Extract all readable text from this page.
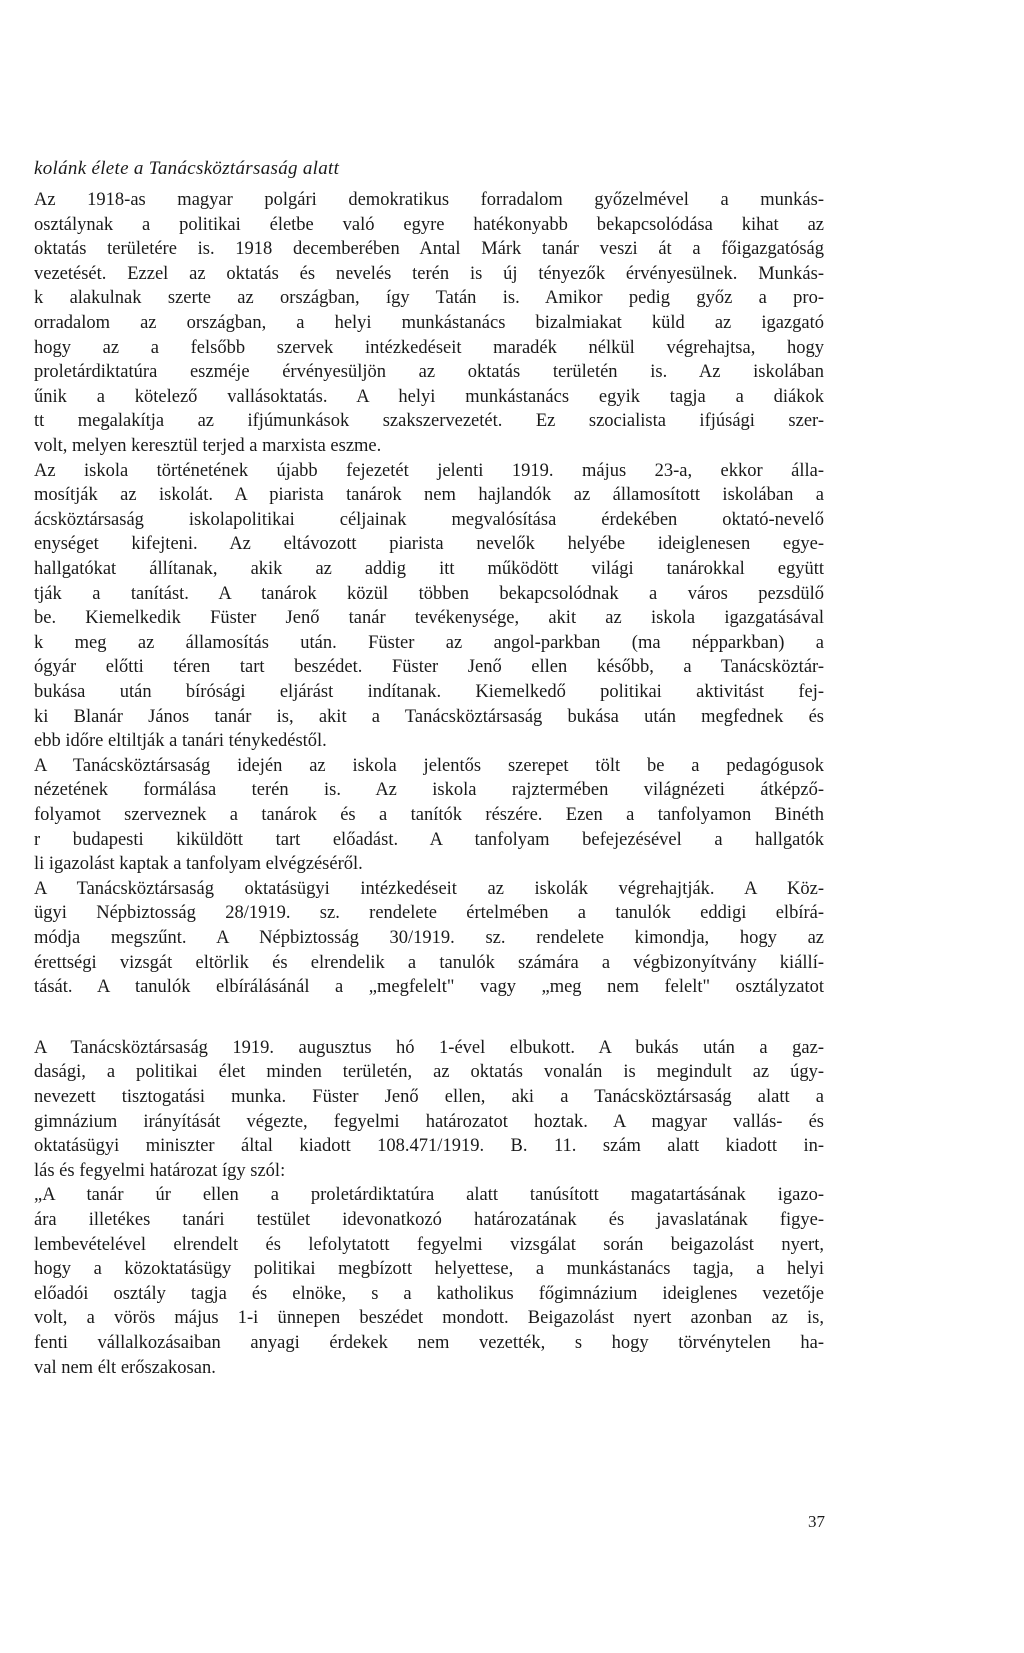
kolánk élete a Tanácsköztársaság alatt
Az 1918-as magyar polgári demokratikus forradalom győzelmével a munkás-
osztálynak a politikai életbe való egyre hatékonyabb bekapcsolódása kihat az
oktatás területére is. 1918 decemberében Antal Márk tanár veszi át a főigazgatóság
vezetését. Ezzel az oktatás és nevelés terén is új tényezők érvényesülnek. Munkás-
k alakulnak szerte az országban, így Tatán is. Amikor pedig győz a pro-
orradalom az országban, a helyi munkástanács bizalmiakat küld az igazgató
hogy az a felsőbb szervek intézkedéseit maradék nélkül végrehajtsa, hogy
proletárdiktatúra eszméje érvényesüljön az oktatás területén is. Az iskolában
űnik a kötelező vallásoktatás. A helyi munkástanács egyik tagja a diákok
tt megalakítja az ifjúmunkások szakszervezetét. Ez szocialista ifjúsági szer-
volt, melyen keresztül terjed a marxista eszme.
Az iskola történetének újabb fejezetét jelenti 1919. május 23-a, ekkor álla-
mosítják az iskolát. A piarista tanárok nem hajlandók az államosított iskolában a
ácsköztársaság iskolapolitikai céljainak megvalósítása érdekében oktató-nevelő
enységet kifejteni. Az eltávozott piarista nevelők helyébe ideiglenesen egye-
hallgatókat állítanak, akik az addig itt működött világi tanárokkal együtt
tják a tanítást. A tanárok közül többen bekapcsolódnak a város pezsdülő
be. Kiemelkedik Füster Jenő tanár tevékenysége, akit az iskola igazgatásával
k meg az államosítás után. Füster az angol-parkban (ma népparkban) a
ógyár előtti téren tart beszédet. Füster Jenő ellen később, a Tanácsköztár-
bukása után bírósági eljárást indítanak. Kiemelkedő politikai aktivitást fej-
ki Blanár János tanár is, akit a Tanácsköztársaság bukása után megfednek és
ebb időre eltiltják a tanári ténykedéstől.
A Tanácsköztársaság idején az iskola jelentős szerepet tölt be a pedagógusok
nézetének formálása terén is. Az iskola rajztermében világnézeti átképző-
folyamot szerveznek a tanárok és a tanítók részére. Ezen a tanfolyamon Binéth
r budapesti kiküldött tart előadást. A tanfolyam befejezésével a hallgatók
li igazolást kaptak a tanfolyam elvégzéséről.
A Tanácsköztársaság oktatásügyi intézkedéseit az iskolák végrehajtják. A Köz-
ügyi Népbiztosság 28/1919. sz. rendelete értelmében a tanulók eddigi elbírá-
módja megszűnt. A Népbiztosság 30/1919. sz. rendelete kimondja, hogy az
érettségi vizsgát eltörlik és elrendelik a tanulók számára a végbizonyítvány kiállí-
tását. A tanulók elbírálásánál a „megfelelt" vagy „meg nem felelt" osztályzatot
A Tanácsköztársaság 1919. augusztus hó 1-ével elbukott. A bukás után a gaz-
dasági, a politikai élet minden területén, az oktatás vonalán is megindult az úgy-
nevezett tisztogatási munka. Füster Jenő ellen, aki a Tanácsköztársaság alatt a
gimnázium irányítását végezte, fegyelmi határozatot hoztak. A magyar vallás- és
oktatásügyi miniszter által kiadott 108.471/1919. B. 11. szám alatt kiadott in-
lás és fegyelmi határozat így szól:
„A tanár úr ellen a proletárdiktatúra alatt tanúsított magatartásának igazo-
ára illetékes tanári testület idevonatkozó határozatának és javaslatának figye-
lembevételével elrendelt és lefolytatott fegyelmi vizsgálat során beigazolást nyert,
hogy a közoktatásügy politikai megbízott helyettese, a munkástanács tagja, a helyi
előadói osztály tagja és elnöke, s a katholikus főgimnázium ideiglenes vezetője
volt, a vörös május 1-i ünnepen beszédet mondott. Beigazolást nyert azonban az is,
fenti vállalkozásaiban anyagi érdekek nem vezették, s hogy törvénytelen ha-
val nem élt erőszakosan.
37
